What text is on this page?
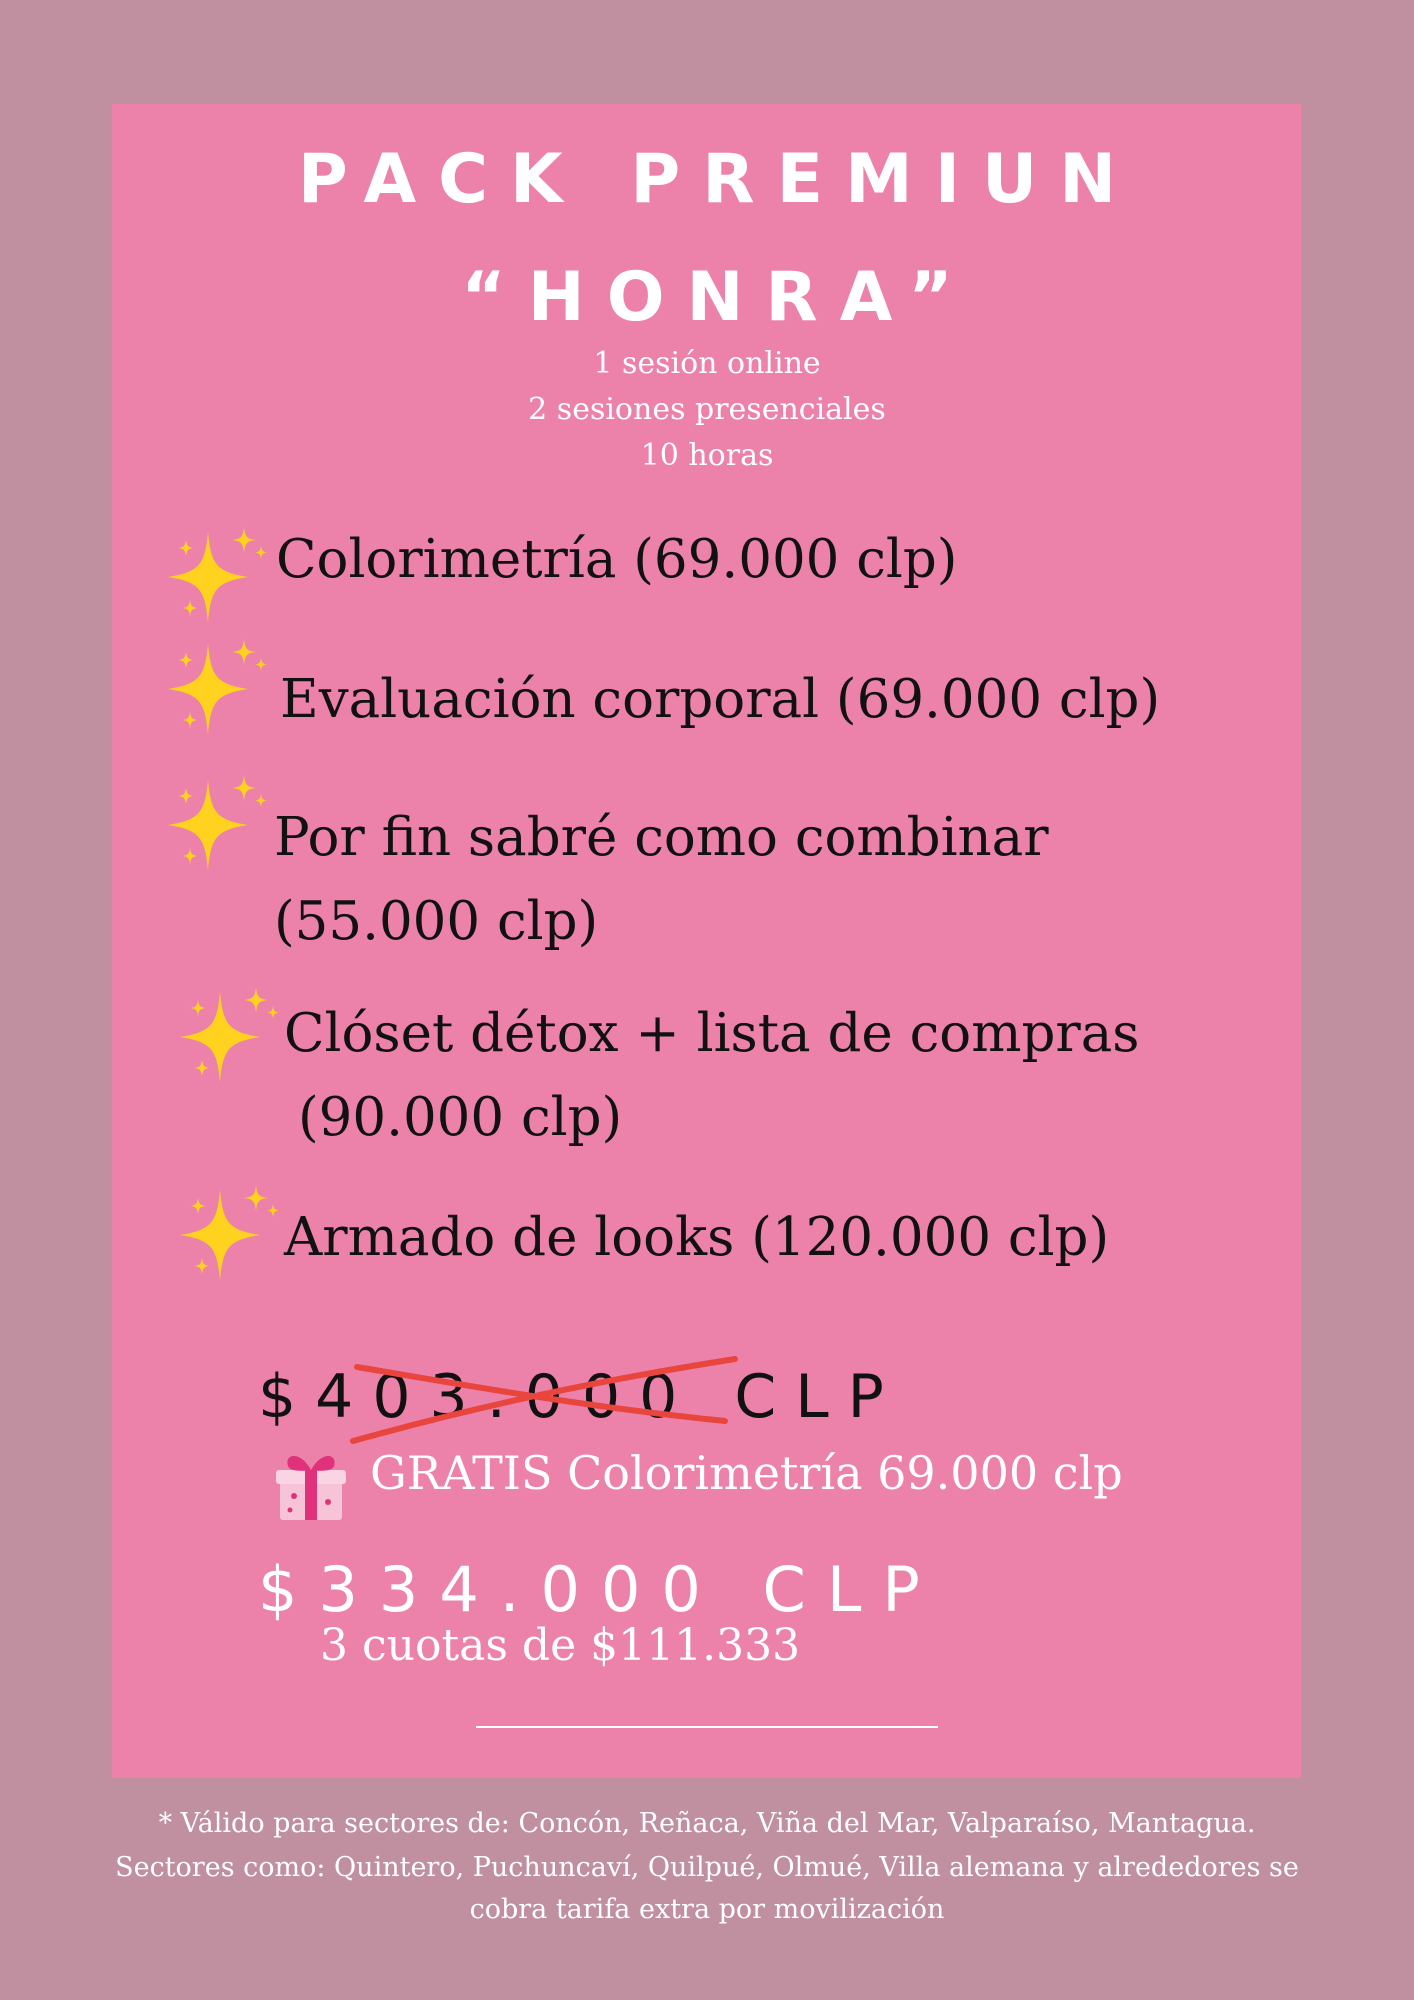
PACK PREMIUN
“HONRA”
1 sesión online
2 sesiones presenciales
10 horas

Colorimetría (69.000 clp)

Evaluación corporal (69.000 clp)

Por fin sabré como combinar

(55.000 clp)

Clóset détox + lista de compras

(90.000 clp)

Armado de looks (120.000 clp)

$403.000 CLP
GRATIS Colorimetría 69.000 clp
$334.000 CLP
3 cuotas de $111.333
* Válido para sectores de: Concón, Reñaca, Viña del Mar, Valparaíso, Mantagua.
Sectores como: Quintero, Puchuncaví, Quilpué, Olmué, Villa alemana y alrededores se
cobra tarifa extra por movilización
